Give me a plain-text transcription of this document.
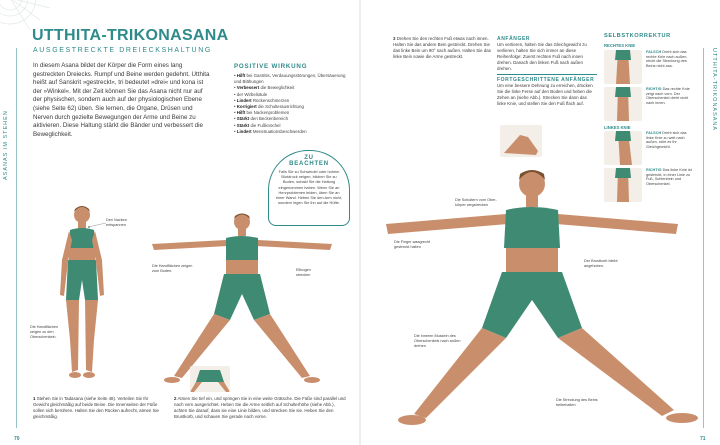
ASANAS IM STEHEN
UTTHITA-TRIKONASANA
AUSGESTRECKTE DREIECKSHALTUNG
In diesem Asana bildet der Körper die Form eines lang gestreckten Dreiecks. Rumpf und Beine werden gedehnt. Utthita heißt auf Sanskrit »gestreckt«, tri bedeutet »drei« und kona ist der »Winkel«. Mit der Zeit können Sie das Asana nicht nur auf der physischen, sondern auch auf der physiologischen Ebene (siehe Seite 62) üben. Sie lernen, die Organe, Drüsen und Nerven durch gezielte Bewegungen der Arme und Beine zu aktivieren. Diese Haltung stärkt die Bänder und verbessert die Beweglichkeit.
POSITIVE WIRKUNG
• Hilft bei Gastritis, Verdauungsstörungen, Übersäuerung und Blähungen
• Verbessert die Beweglichkeit
• der Wirbelsäule
• Lindert Rückenschmerzen
• Korrigiert die Schulterausrichtung
• Hilft bei Nackenproblemen
• Stärkt den Beckenbereich
• Stärkt die Fußknöchel
• Lindert Menstruationsbeschwerden
ZU
BEACHTEN
Falls Sie zu Schwindel oder hohem Blutdruck neigen, blicken Sie zu Boden, sobald Sie die Haltung eingenommen haben. Wenn Sie an Herzproblemen leiden, üben Sie an einer Wand. Heben Sie den Arm nicht, sondern legen Sie ihn auf die Hüfte.
Den Nacken entspannen
Die Handflächen zeigen zum Boden.	Ellbogen strecken
Die Handflächen zeigen zu den Oberschenkeln.
1 Stehen Sie in Tadasana (siehe Seite 48). Verteilen Sie Ihr Gewicht gleichmäßig auf beide Beine. Die Innenseiten der Füße sollen sich berühren. Halten Sie den Rücken aufrecht, atmen Sie gleichmäßig.
2 Atmen Sie tief ein, und springen Sie in eine weite Grätsche. Die Füße sind parallel und nach vorn ausgerichtet. Heben Sie die Arme seitlich auf Schulterhöhe (siehe Abb.), achten Sie darauf, dass sie eine Linie bilden, und strecken Sie sie. Heben Sie den Brustkorb, und schauen Sie gerade nach vorne.
70
UTTHITA-TRIKONASANA
3 Drehen Sie den rechten Fuß etwas nach innen. Halten Sie das andere Bein gestreckt. Drehen Sie das linke Bein um 90° nach außen. Halten Sie das linke Bein sowie die Arme gestreckt.
ANFÄNGER
Um vertieren, halten Sie das Gleichgewicht zu verlieren, halten Sie sich immer an diese Reihenfolge: Zuerst rechten Fuß nach innen drehen. Danach den linken Fuß nach außen drehen.
FORTGESCHRITTENE ANFÄNGER
Um eine bessere Dehnung zu erreichen, drücken Sie die linke Ferse auf den Boden und heben die Zehen an (siehe Abb.). Strecken Sie dann das linke Knie, und stellen Sie den Fuß flach auf.
SELBSTKORREKTUR
RECHTES KNIE
FALSCH Dreht sich das rechte Knie nach außen, reicht die Streckung des Beins nicht aus.
RICHTIG Das rechte Knie zeigt nach vorn. Der Oberschenkel dreht nicht nach innen.
LINKES KNIE
FALSCH Dreht sich das linke Knie zu weit nach außen, stört es Ihr Gleichgewicht.
RICHTIG Das linke Knie ist gestreckt, in einer Linie zu Fuß, Schienbein und Oberschenkel.
Die Schultern vom Ober-körper wegstrecken
Die Finger waagrecht gestreckt halten
Der Brustkorb bleibt angehoben.
Die inneren Muskeln des Oberschenkels nach außen drehen
Die Streckung des Beins beibehalten
71
